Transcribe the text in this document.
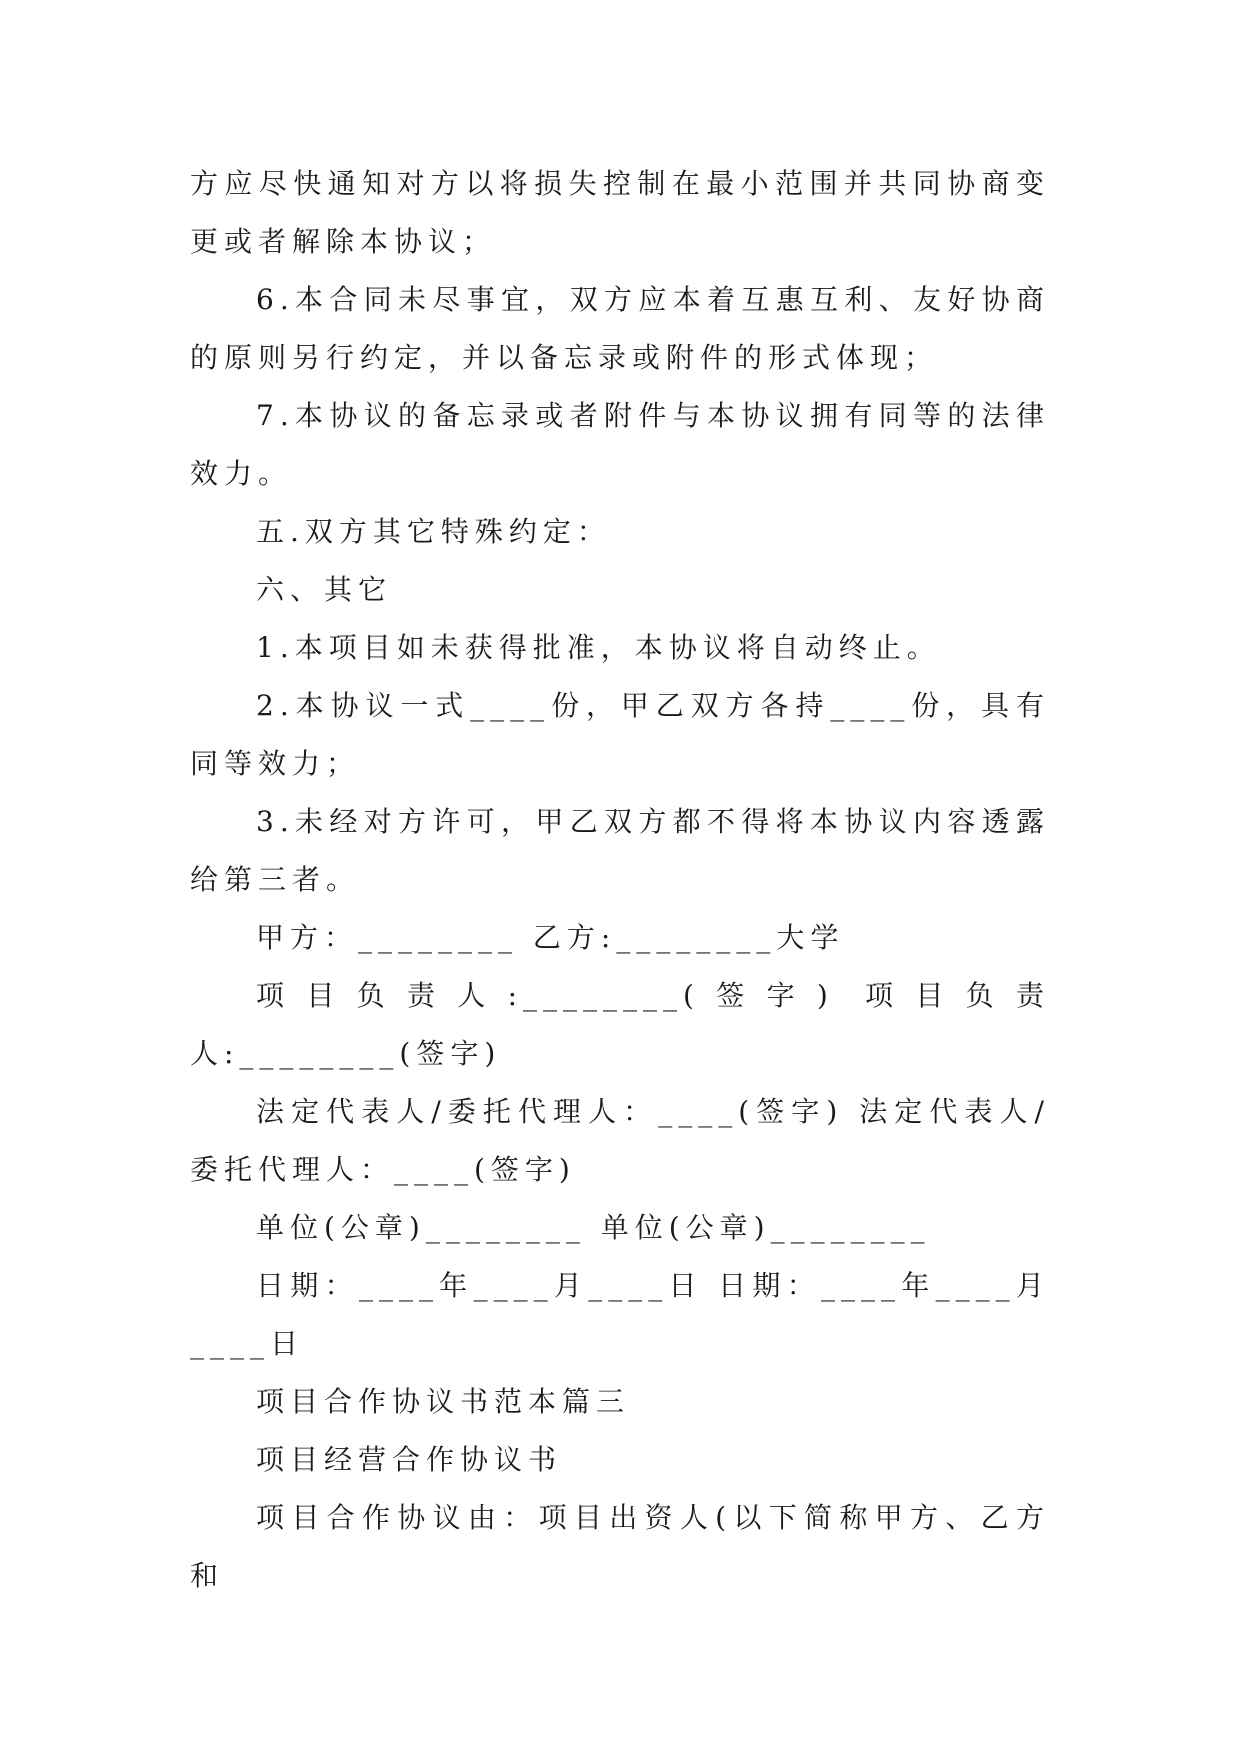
方应尽快通知对方以将损失控制在最小范围并共同协商变更或者解除本协议；

6.本合同未尽事宜，双方应本着互惠互利、友好协商的原则另行约定，并以备忘录或附件的形式体现；

7.本协议的备忘录或者附件与本协议拥有同等的法律效力。

五.双方其它特殊约定：

六、其它

1.本项目如未获得批准，本协议将自动终止。

2.本协议一式____份，甲乙双方各持____份，具有同等效力；

3.未经对方许可，甲乙双方都不得将本协议内容透露给第三者。

甲方：________ 乙方:________大学

项目负责人:________(签字) 项目负责人:________(签字)

法定代表人/委托代理人：____(签字) 法定代表人/委托代理人：____(签字)

单位(公章)________ 单位(公章)________

日期：____年____月____日 日期：____年____月____日

项目合作协议书范本篇三

项目经营合作协议书

项目合作协议由：项目出资人(以下简称甲方、乙方和
